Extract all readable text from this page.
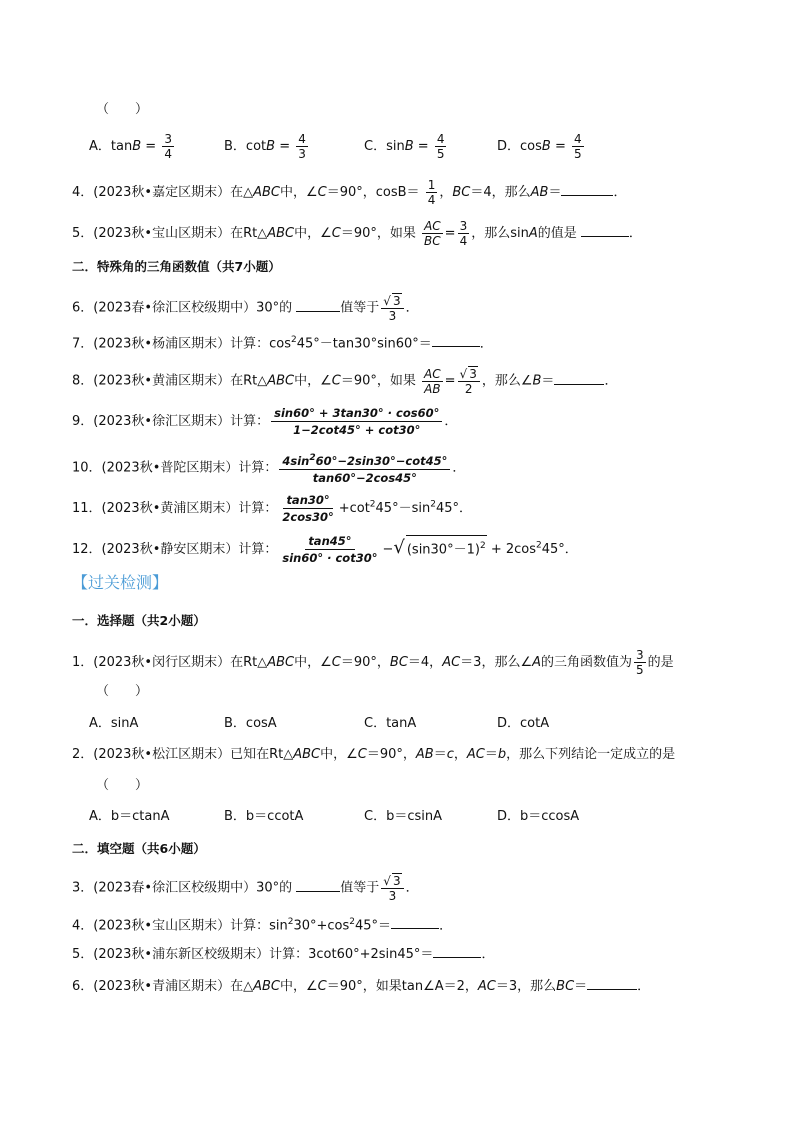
（　　）
A．$\tan B = \frac{3}{4}$	B．$\cot B = \frac{4}{3}$	C．$\sin B = \frac{4}{5}$	D．$\cos B = \frac{4}{5}$
4．(2023秋•嘉定区期末）在△ABC中，∠C＝90°，$\cos B= \frac{1}{4}$ ，BC＝4，那么AB＝	．
5．(2023秋•宝山区期末）在Rt△ABC中，∠C＝90°，如果 $\frac{AC}{BC} = \frac{3}{4}$ ，那么sinA的值是	．
二．特殊角的三角函数值（共7小题）
6．(2023春•徐汇区校级期中）30°的	值等于 $\frac{√ 3}{3}$ ．
7．(2023秋•杨浦区期末）计算：$\cos^245^\circ-\tan 30^\circ\sin 60^\circ=$	．
8．(2023秋•黄浦区期末）在Rt△ABC中，∠C＝90°，如果 $\frac{AC}{AB} = \frac{√ 3}{2}$ ，那么∠B＝	．
9．(2023秋•徐汇区期末）计算： $\frac{\sin 60^\circ + 3\tan 30^\circ \cdot \cos 60^\circ}{1-2\cot 45^\circ + \cot 30^\circ}$ ．
10．(2023秋•普陀区期末）计算： $\frac{4\sin^260^\circ-2\sin 30^\circ-\cot 45^\circ}{\tan 60^\circ-2\cos 45^\circ}$ ．
11．(2023秋•黄浦区期末）计算： $\frac{\tan 30^\circ}{2\cos 30^\circ} +\cot^245^\circ-\sin^245^\circ$．
12．(2023秋•静安区期末）计算： $\frac{\tan 45^\circ}{\sin 60^\circ \cdot \cot 30^\circ}$ −√ $(\sin 30^\circ-1)^2 + 2\cos^245^\circ$．
【过关检测】
一．选择题（共2小题）
1．(2023秋•闵行区期末）在Rt△ABC中，∠C＝90°，BC＝4，AC＝3，那么∠A的三角函数值为 $\frac{3}{5}$ 的是
（　　）
A．sinA	B．cosA	C．tanA	D．cotA
2．(2023秋•松江区期末）已知在Rt△ABC中，∠C＝90°，AB＝c，AC＝b，那么下列结论一定成立的是
（　　）
A．b＝ctanA	B．b＝ccotA	C．b＝csinA	D．b＝ccosA
二．填空题（共6小题）
3．(2023春•徐汇区校级期中）30°的	值等于 $\frac{√ 3}{3}$ ．
4．(2023秋•宝山区期末）计算：$\sin^230^\circ+\cos^245^\circ=$	．
5．(2023秋•浦东新区校级期末）计算：3cot60°+2sin45°＝	．
6．(2023秋•青浦区期末）在△ABC中，∠C＝90°，如果tan∠A＝2，AC＝3，那么BC＝	．
